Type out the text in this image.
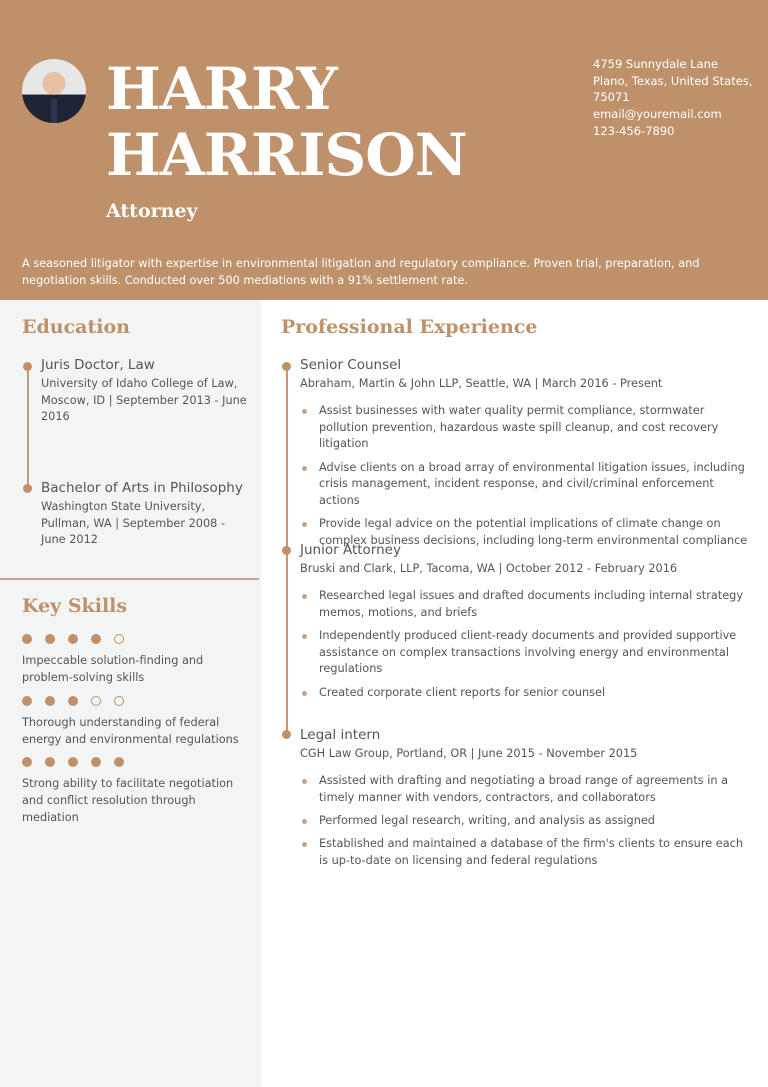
HARRY
HARRISON
Attorney
4759 Sunnydale Lane
Plano, Texas, United States,
75071
email@youremail.com
123-456-7890
A seasoned litigator with expertise in environmental litigation and regulatory compliance. Proven trial, preparation, and negotiation skills. Conducted over 500 mediations with a 91% settlement rate.
Education
Juris Doctor, Law
University of Idaho College of Law, Moscow, ID | September 2013 - June 2016
Bachelor of Arts in Philosophy
Washington State University, Pullman, WA | September 2008 - June 2012
Key Skills
Impeccable solution-finding and problem-solving skills
Thorough understanding of federal energy and environmental regulations
Strong ability to facilitate negotiation and conflict resolution through mediation
Professional Experience
Senior Counsel
Abraham, Martin & John LLP, Seattle, WA | March 2016 - Present
Assist businesses with water quality permit compliance, stormwater pollution prevention, hazardous waste spill cleanup, and cost recovery litigation
Advise clients on a broad array of environmental litigation issues, including crisis management, incident response, and civil/criminal enforcement actions
Provide legal advice on the potential implications of climate change on complex business decisions, including long-term environmental compliance
Junior Attorney
Bruski and Clark, LLP, Tacoma, WA | October 2012 - February 2016
Researched legal issues and drafted documents including internal strategy memos, motions, and briefs
Independently produced client-ready documents and provided supportive assistance on complex transactions involving energy and environmental regulations
Created corporate client reports for senior counsel
Legal intern
CGH Law Group, Portland, OR | June 2015 - November 2015
Assisted with drafting and negotiating a broad range of agreements in a timely manner with vendors, contractors, and collaborators
Performed legal research, writing, and analysis as assigned
Established and maintained a database of the firm's clients to ensure each is up-to-date on licensing and federal regulations
